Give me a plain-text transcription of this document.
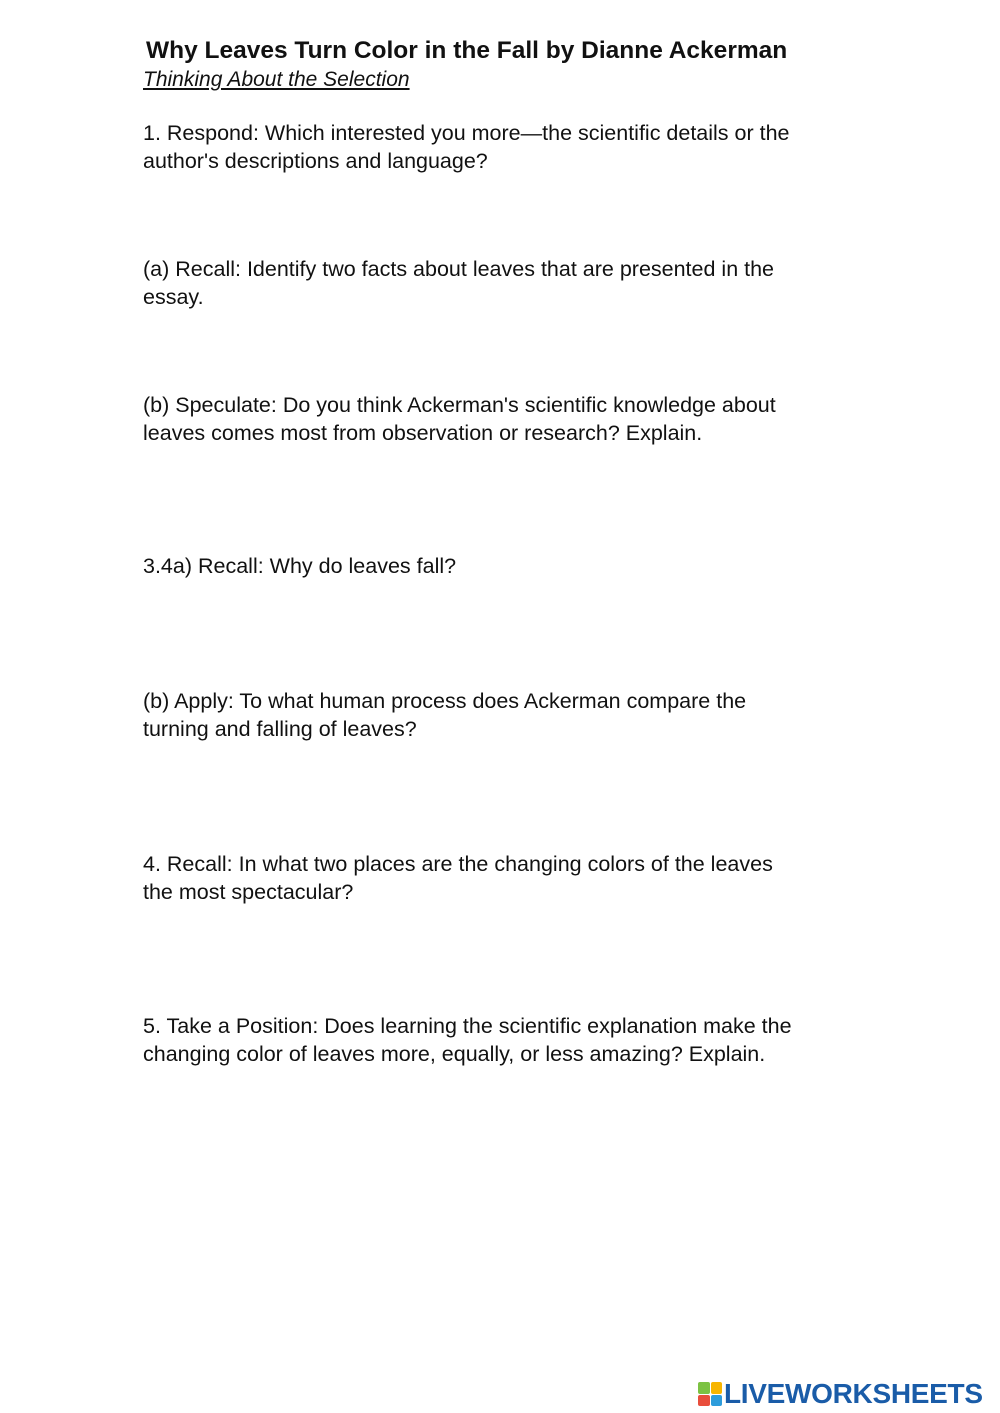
Why Leaves Turn Color in the Fall by Dianne Ackerman
Thinking About the Selection
1. Respond: Which interested you more—the scientific details or the
author's descriptions and language?
(a) Recall: Identify two facts about leaves that are presented in the
essay.
(b) Speculate: Do you think Ackerman's scientific knowledge about
leaves comes most from observation or research? Explain.
3.4a) Recall: Why do leaves fall?
(b) Apply: To what human process does Ackerman compare the
turning and falling of leaves?
4. Recall: In what two places are the changing colors of the leaves
the most spectacular?
5. Take a Position: Does learning the scientific explanation make the
changing color of leaves more, equally, or less amazing? Explain.
LIVEWORKSHEETS
